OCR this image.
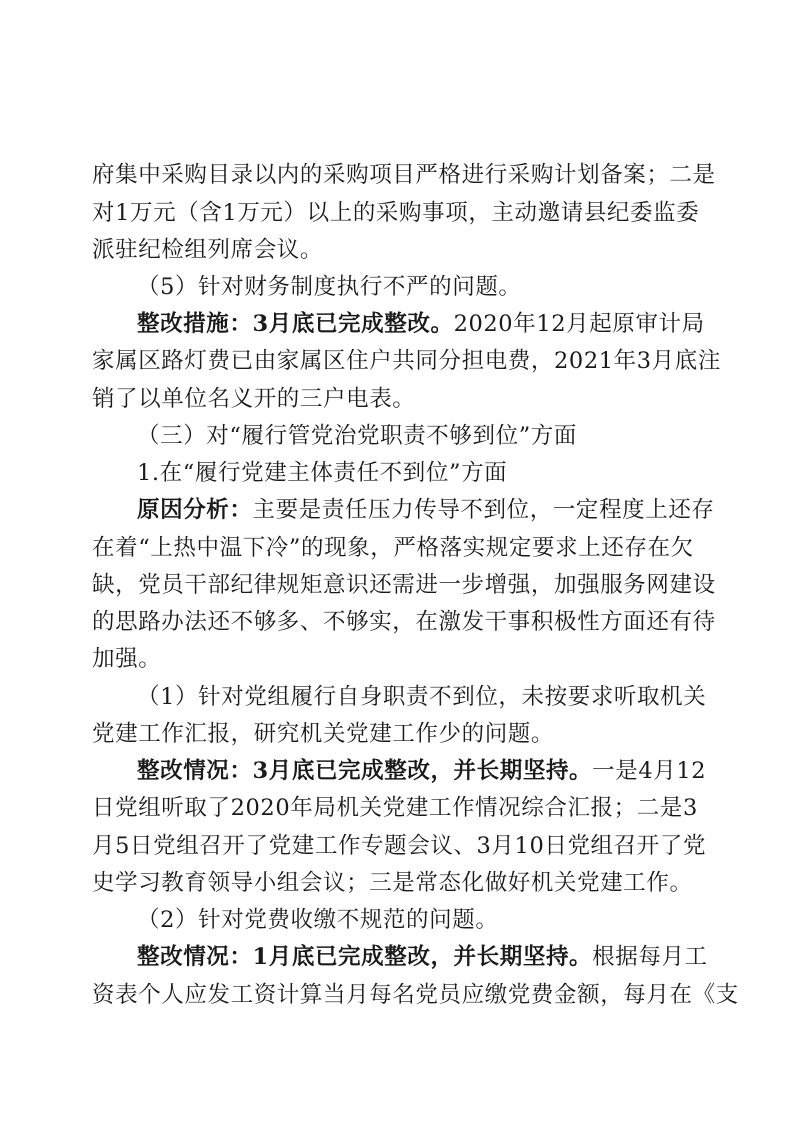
府集中采购目录以内的采购项目严格进行采购计划备案；二是
对1万元（含1万元）以上的采购事项，主动邀请县纪委监委
派驻纪检组列席会议。
（5）针对财务制度执行不严的问题。
整改措施：3月底已完成整改。2020年12月起原审计局
家属区路灯费已由家属区住户共同分担电费，2021年3月底注
销了以单位名义开的三户电表。
（三）对“履行管党治党职责不够到位”方面
1.在“履行党建主体责任不到位”方面
原因分析：主要是责任压力传导不到位，一定程度上还存
在着“上热中温下冷”的现象，严格落实规定要求上还存在欠
缺，党员干部纪律规矩意识还需进一步增强，加强服务网建设
的思路办法还不够多、不够实，在激发干事积极性方面还有待
加强。
（1）针对党组履行自身职责不到位，未按要求听取机关
党建工作汇报，研究机关党建工作少的问题。
整改情况：3月底已完成整改，并长期坚持。一是4月12
日党组听取了2020年局机关党建工作情况综合汇报；二是3
月5日党组召开了党建工作专题会议、3月10日党组召开了党
史学习教育领导小组会议；三是常态化做好机关党建工作。
（2）针对党费收缴不规范的问题。
整改情况：1月底已完成整改，并长期坚持。根据每月工
资表个人应发工资计算当月每名党员应缴党费金额，每月在《支
